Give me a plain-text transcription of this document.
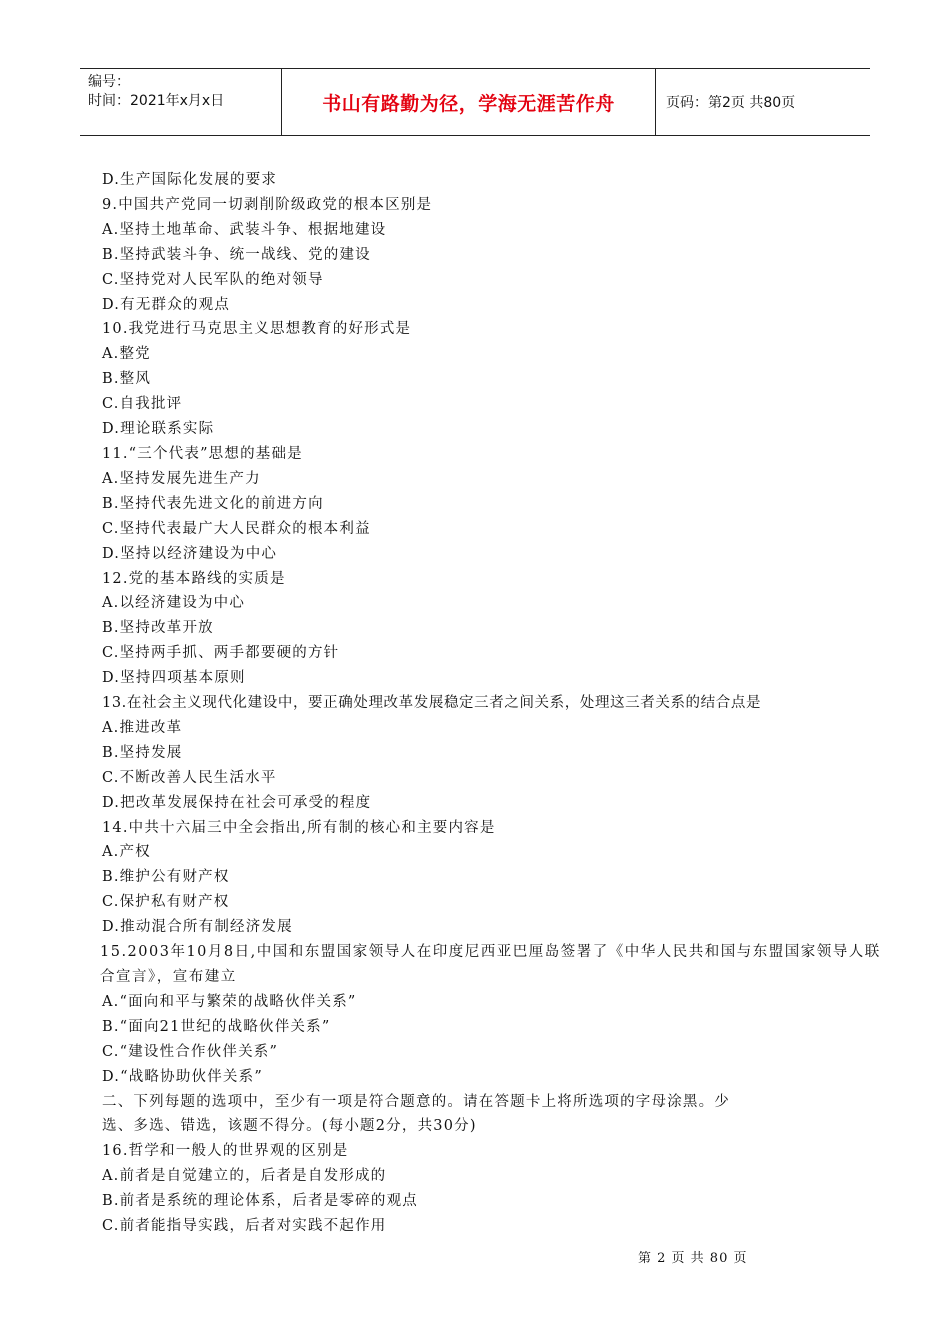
编号：
时间：2021年x月x日	书山有路勤为径，学海无涯苦作舟	页码：第2页 共80页
D.生产国际化发展的要求
9.中国共产党同一切剥削阶级政党的根本区别是
A.坚持土地革命、武装斗争、根据地建设
B.坚持武装斗争、统一战线、党的建设
C.坚持党对人民军队的绝对领导
D.有无群众的观点
10.我党进行马克思主义思想教育的好形式是
A.整党
B.整风
C.自我批评
D.理论联系实际
11.“三个代表”思想的基础是
A.坚持发展先进生产力
B.坚持代表先进文化的前进方向
C.坚持代表最广大人民群众的根本利益
D.坚持以经济建设为中心
12.党的基本路线的实质是
A.以经济建设为中心
B.坚持改革开放
C.坚持两手抓、两手都要硬的方针
D.坚持四项基本原则
13.在社会主义现代化建设中，要正确处理改革发展稳定三者之间关系，处理这三者关系的结合点是
A.推进改革
B.坚持发展
C.不断改善人民生活水平
D.把改革发展保持在社会可承受的程度
14.中共十六届三中全会指出,所有制的核心和主要内容是
A.产权
B.维护公有财产权
C.保护私有财产权
D.推动混合所有制经济发展
15.2003年10月8日,中国和东盟国家领导人在印度尼西亚巴厘岛签署了《中华人民共和国与东盟国家领导人联合宣言》，宣布建立
A.“面向和平与繁荣的战略伙伴关系”
B.“面向21世纪的战略伙伴关系”
C.“建设性合作伙伴关系”
D.“战略协助伙伴关系”
二、下列每题的选项中，至少有一项是符合题意的。请在答题卡上将所选项的字母涂黑。少
选、多选、错选，该题不得分。(每小题2分，共30分)
16.哲学和一般人的世界观的区别是
A.前者是自觉建立的，后者是自发形成的
B.前者是系统的理论体系，后者是零碎的观点
C.前者能指导实践，后者对实践不起作用
第 2 页 共 80 页
